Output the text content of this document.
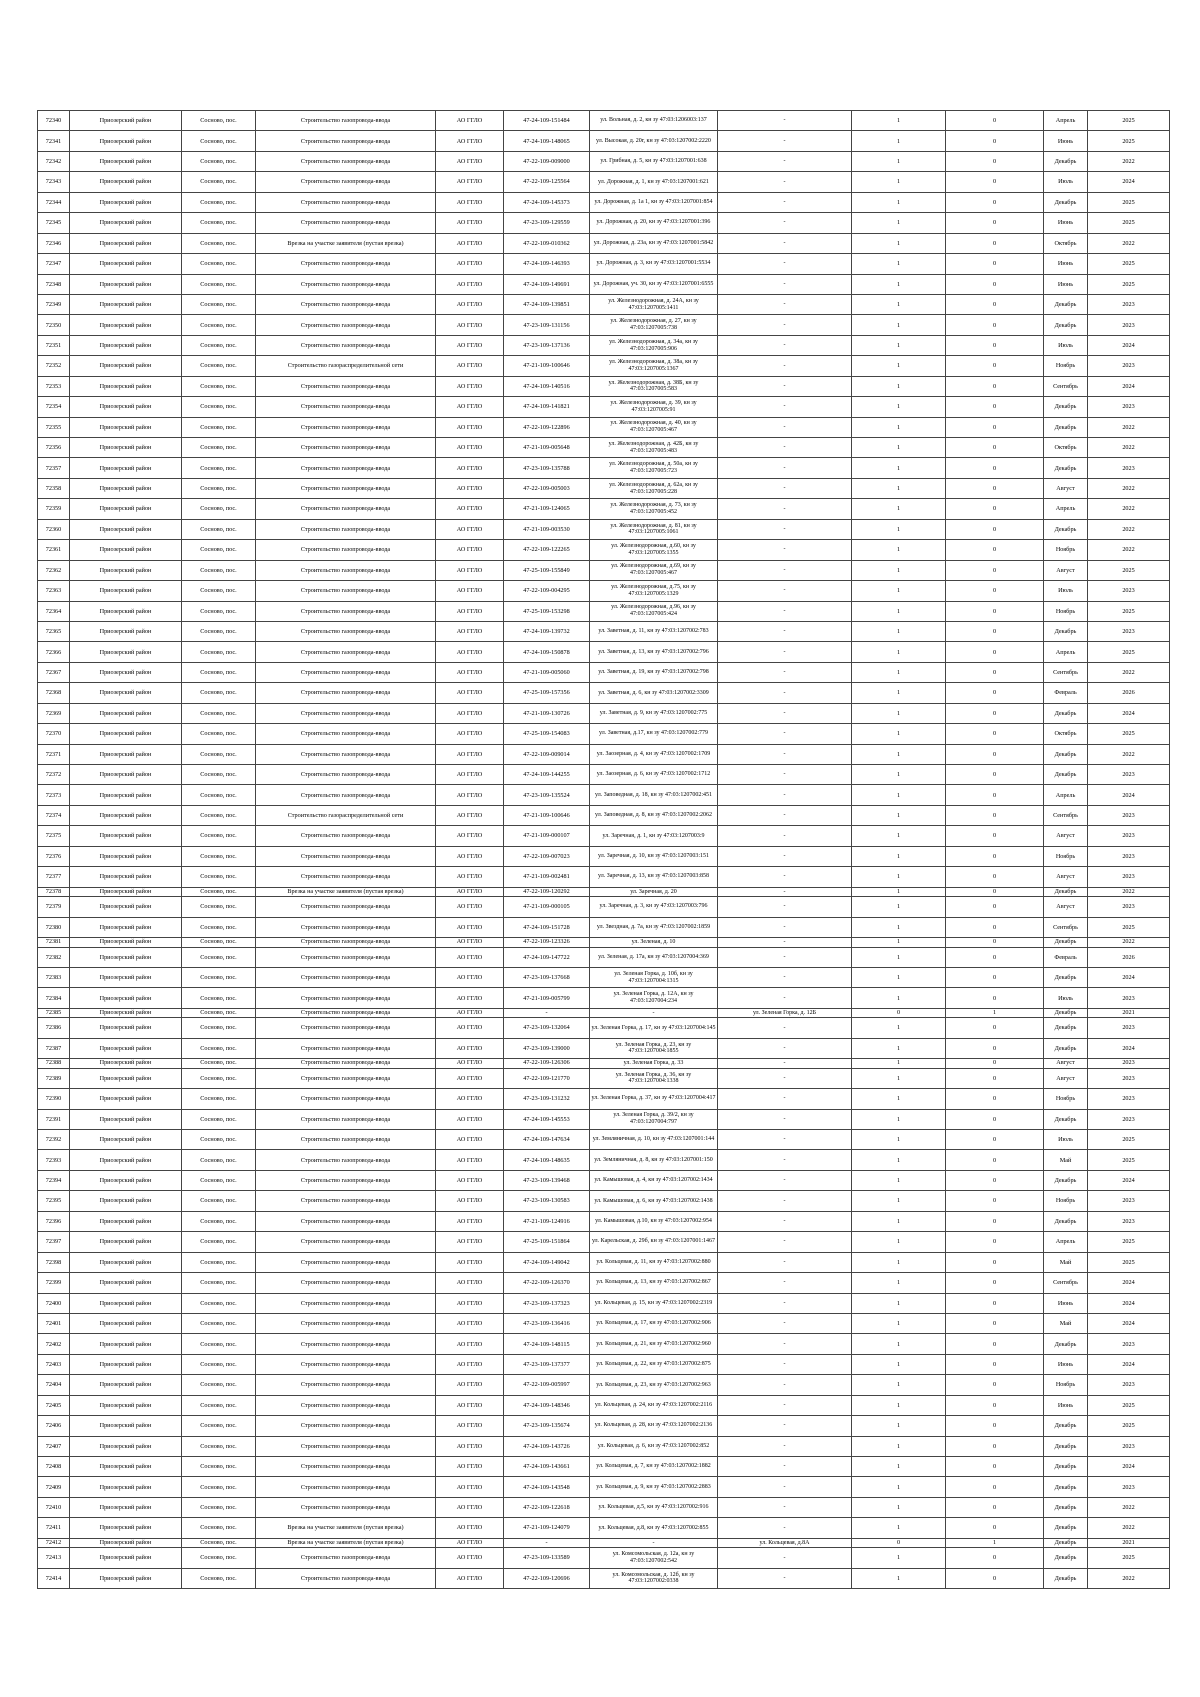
72340	Приозерский район	Сосново, пос.	Строительство газопровода-ввода	АО ГГЛО	47-24-109-151484	ул. Вольная, д. 2, кн зу 47:03:1206003:137	-	1	0	Апрель	2025
72341	Приозерский район	Сосново, пос.	Строительство газопровода-ввода	АО ГГЛО	47-24-109-148065	ул. Высокая, д. 20г, кн зу 47:03:1207002:2220	-	1	0	Июнь	2025
72342	Приозерский район	Сосново, пос.	Строительство газопровода-ввода	АО ГГЛО	47-22-109-009000	ул. Грибная, д. 5, кн зу 47:03:1207001:638	-	1	0	Декабрь	2022
72343	Приозерский район	Сосново, пос.	Строительство газопровода-ввода	АО ГГЛО	47-22-109-125564	ул. Дорожная, д. 1, кн зу 47:03:1207001:621	-	1	0	Июль	2024
72344	Приозерский район	Сосново, пос.	Строительство газопровода-ввода	АО ГГЛО	47-24-109-145373	ул. Дорожная, д. 1а 1, кн зу 47:03:1207001:854	-	1	0	Декабрь	2025
72345	Приозерский район	Сосново, пос.	Строительство газопровода-ввода	АО ГГЛО	47-23-109-129559	ул. Дорожная, д. 20, кн зу 47:03:1207001:396	-	1	0	Июнь	2025
72346	Приозерский район	Сосново, пос.	Врезка на участке заявителя (пустая врезка)	АО ГГЛО	47-22-109-010362	ул. Дорожная, д. 23а, кн зу 47:03:1207001:5842	-	1	0	Октябрь	2022
72347	Приозерский район	Сосново, пос.	Строительство газопровода-ввода	АО ГГЛО	47-24-109-146393	ул. Дорожная, д. 3, кн зу 47:03:1207001:5534	-	1	0	Июнь	2025
72348	Приозерский район	Сосново, пос.	Строительство газопровода-ввода	АО ГГЛО	47-24-109-149691	ул. Дорожная, уч. 30, кн зу 47:03:1207001:6555	-	1	0	Июнь	2025
72349	Приозерский район	Сосново, пос.	Строительство газопровода-ввода	АО ГГЛО	47-24-109-139851	ул. Железнодорожная, д. 24А, кн зу 47:03:1207005:1411	-	1	0	Декабрь	2023
72350	Приозерский район	Сосново, пос.	Строительство газопровода-ввода	АО ГГЛО	47-23-109-131156	ул. Железнодорожная, д. 27, кн зу 47:03:1207005:738	-	1	0	Декабрь	2023
72351	Приозерский район	Сосново, пос.	Строительство газопровода-ввода	АО ГГЛО	47-23-109-137136	ул. Железнодорожная, д. 34а, кн зу 47:03:1207005:906	-	1	0	Июль	2024
72352	Приозерский район	Сосново, пос.	Строительство газораспределительной сети	АО ГГЛО	47-21-109-100646	ул. Железнодорожная, д. 38а, кн зу 47:03:1207005:1367	-	1	0	Ноябрь	2023
72353	Приозерский район	Сосново, пос.	Строительство газопровода-ввода	АО ГГЛО	47-24-109-140516	ул. Железнодорожная, д. 38Б, кн зу 47:03:1207005:583	-	1	0	Сентябрь	2024
72354	Приозерский район	Сосново, пос.	Строительство газопровода-ввода	АО ГГЛО	47-24-109-141821	ул. Железнодорожная, д. 39, кн зу 47:03:1207005:91	-	1	0	Декабрь	2023
72355	Приозерский район	Сосново, пос.	Строительство газопровода-ввода	АО ГГЛО	47-22-109-122896	ул. Железнодорожная, д. 40, кн зу 47:03:1207005:467	-	1	0	Декабрь	2022
72356	Приозерский район	Сосново, пос.	Строительство газопровода-ввода	АО ГГЛО	47-21-109-005648	ул. Железнодорожная, д. 42Б, кн зу 47:03:1207005:483	-	1	0	Октябрь	2022
72357	Приозерский район	Сосново, пос.	Строительство газопровода-ввода	АО ГГЛО	47-23-109-135788	ул. Железнодорожная, д. 50а, кн зу 47:03:1207005:723	-	1	0	Декабрь	2023
72358	Приозерский район	Сосново, пос.	Строительство газопровода-ввода	АО ГГЛО	47-22-109-005003	ул. Железнодорожная, д. 62а, кн зу 47:03:1207005:228	-	1	0	Август	2022
72359	Приозерский район	Сосново, пос.	Строительство газопровода-ввода	АО ГГЛО	47-21-109-124065	ул. Железнодорожная, д. 73, кн зу 47:03:1207005:452	-	1	0	Апрель	2022
72360	Приозерский район	Сосново, пос.	Строительство газопровода-ввода	АО ГГЛО	47-21-109-003530	ул. Железнодорожная, д. 81, кн зу 47:03:1207005:1061	-	1	0	Декабрь	2022
72361	Приозерский район	Сосново, пос.	Строительство газопровода-ввода	АО ГГЛО	47-22-109-122265	ул. Железнодорожная, д.60, кн зу 47:03:1207005:1355	-	1	0	Ноябрь	2022
72362	Приозерский район	Сосново, пос.	Строительство газопровода-ввода	АО ГГЛО	47-25-109-155849	ул. Железнодорожная, д.69, кн зу 47:03:1207005:467	-	1	0	Август	2025
72363	Приозерский район	Сосново, пос.	Строительство газопровода-ввода	АО ГГЛО	47-22-109-004295	ул. Железнодорожная, д.75, кн зу 47:03:1207005:1329	-	1	0	Июль	2023
72364	Приозерский район	Сосново, пос.	Строительство газопровода-ввода	АО ГГЛО	47-25-109-153298	ул. Железнодорожная, д.96, кн зу 47:03:1207005:424	-	1	0	Ноябрь	2025
72365	Приозерский район	Сосново, пос.	Строительство газопровода-ввода	АО ГГЛО	47-24-109-139732	ул. Заветная, д. 11, кн зу 47:03:1207002:783	-	1	0	Декабрь	2023
72366	Приозерский район	Сосново, пос.	Строительство газопровода-ввода	АО ГГЛО	47-24-109-150878	ул. Заветная, д. 13, кн зу 47:03:1207002:796	-	1	0	Апрель	2025
72367	Приозерский район	Сосново, пос.	Строительство газопровода-ввода	АО ГГЛО	47-21-109-005060	ул. Заветная, д. 19, кн зу 47:03:1207002:798	-	1	0	Сентябрь	2022
72368	Приозерский район	Сосново, пос.	Строительство газопровода-ввода	АО ГГЛО	47-25-109-157356	ул. Заветная, д. 6, кн зу 47:03:1207002:3309	-	1	0	Февраль	2026
72369	Приозерский район	Сосново, пос.	Строительство газопровода-ввода	АО ГГЛО	47-21-109-130726	ул. Заветная, д. 9, кн зу 47:03:1207002:775	-	1	0	Декабрь	2024
72370	Приозерский район	Сосново, пос.	Строительство газопровода-ввода	АО ГГЛО	47-25-109-154083	ул. Заветная, д.17, кн зу 47:03:1207002:779	-	1	0	Октябрь	2025
72371	Приозерский район	Сосново, пос.	Строительство газопровода-ввода	АО ГГЛО	47-22-109-009014	ул. Заозерная, д. 4, кн зу 47:03:1207002:1709	-	1	0	Декабрь	2022
72372	Приозерский район	Сосново, пос.	Строительство газопровода-ввода	АО ГГЛО	47-24-109-144255	ул. Заозерная, д. 6, кн зу 47:03:1207002:1712	-	1	0	Декабрь	2023
72373	Приозерский район	Сосново, пос.	Строительство газопровода-ввода	АО ГГЛО	47-23-109-135524	ул. Заповедная, д. 18, кн зу 47:03:1207002:451	-	1	0	Апрель	2024
72374	Приозерский район	Сосново, пос.	Строительство газораспределительной сети	АО ГГЛО	47-21-109-100646	ул. Заповедная, д. 8, кн зу 47:03:1207002:2062	-	1	0	Сентябрь	2023
72375	Приозерский район	Сосново, пос.	Строительство газопровода-ввода	АО ГГЛО	47-21-109-000107	ул. Заречная, д. 1, кн зу 47:03:1207003:9	-	1	0	Август	2023
72376	Приозерский район	Сосново, пос.	Строительство газопровода-ввода	АО ГГЛО	47-22-109-007023	ул. Заречная, д. 10, кн зу 47:03:1207003:151	-	1	0	Ноябрь	2023
72377	Приозерский район	Сосново, пос.	Строительство газопровода-ввода	АО ГГЛО	47-21-109-002481	ул. Заречная, д. 13, кн зу 47:03:1207003:858	-	1	0	Август	2023
72378	Приозерский район	Сосново, пос.	Врезка на участке заявителя (пустая врезка)	АО ГГЛО	47-22-109-120292	ул. Заречная, д. 20	-	1	0	Декабрь	2022
72379	Приозерский район	Сосново, пос.	Строительство газопровода-ввода	АО ГГЛО	47-21-109-000105	ул. Заречная, д. 3, кн зу 47:03:1207003:796	-	1	0	Август	2023
72380	Приозерский район	Сосново, пос.	Строительство газопровода-ввода	АО ГГЛО	47-24-109-151728	ул. Звездная, д. 7а, кн зу 47:03:1207002:1859	-	1	0	Сентябрь	2025
72381	Приозерский район	Сосново, пос.	Строительство газопровода-ввода	АО ГГЛО	47-22-109-123326	ул. Зеленая, д. 10	-	1	0	Декабрь	2022
72382	Приозерский район	Сосново, пос.	Строительство газопровода-ввода	АО ГГЛО	47-24-109-147722	ул. Зеленая, д. 17а, кн зу 47:03:1207004:369	-	1	0	Февраль	2026
72383	Приозерский район	Сосново, пос.	Строительство газопровода-ввода	АО ГГЛО	47-23-109-137668	ул. Зеленая Горка, д. 10б, кн зу 47:03:1207004:1315	-	1	0	Декабрь	2024
72384	Приозерский район	Сосново, пос.	Строительство газопровода-ввода	АО ГГЛО	47-21-109-005799	ул. Зеленая Горка, д. 12А, кн зу 47:03:1207004:234	-	1	0	Июль	2023
72385	Приозерский район	Сосново, пос.	Строительство газопровода-ввода	АО ГГЛО	-	-	ул. Зеленая Горка, д. 12Б	0	1	Декабрь	2021
72386	Приозерский район	Сосново, пос.	Строительство газопровода-ввода	АО ГГЛО	47-23-109-132064	ул. Зеленая Горка, д. 17, кн зу 47:03:1207004:145	-	1	0	Декабрь	2023
72387	Приозерский район	Сосново, пос.	Строительство газопровода-ввода	АО ГГЛО	47-23-109-139000	ул. Зеленая Горка, д. 23, кн зу 47:03:1207004:1855	-	1	0	Декабрь	2024
72388	Приозерский район	Сосново, пос.	Строительство газопровода-ввода	АО ГГЛО	47-22-109-126306	ул. Зеленая Горка, д. 33	-	1	0	Август	2023
72389	Приозерский район	Сосново, пос.	Строительство газопровода-ввода	АО ГГЛО	47-22-109-121770	ул. Зеленая Горка, д. 36, кн зу 47:03:1207004:1338	-	1	0	Август	2023
72390	Приозерский район	Сосново, пос.	Строительство газопровода-ввода	АО ГГЛО	47-23-109-131232	ул. Зеленая Горка, д. 37, кн зу 47:03:1207004:417	-	1	0	Ноябрь	2023
72391	Приозерский район	Сосново, пос.	Строительство газопровода-ввода	АО ГГЛО	47-24-109-145553	ул. Зеленая Горка, д. 39/2, кн зу 47:03:1207004:797	-	1	0	Декабрь	2023
72392	Приозерский район	Сосново, пос.	Строительство газопровода-ввода	АО ГГЛО	47-24-109-147634	ул. Земляничная, д. 10, кн зу 47:03:1207001:144	-	1	0	Июль	2025
72393	Приозерский район	Сосново, пос.	Строительство газопровода-ввода	АО ГГЛО	47-24-109-148635	ул. Земляничная, д. 8, кн зу 47:03:1207001:150	-	1	0	Май	2025
72394	Приозерский район	Сосново, пос.	Строительство газопровода-ввода	АО ГГЛО	47-23-109-139468	ул. Камышовая, д. 4, кн зу 47:03:1207002:1434	-	1	0	Декабрь	2024
72395	Приозерский район	Сосново, пос.	Строительство газопровода-ввода	АО ГГЛО	47-23-109-130583	ул. Камышовая, д. 6, кн зу 47:03:1207002:1438	-	1	0	Ноябрь	2023
72396	Приозерский район	Сосново, пос.	Строительство газопровода-ввода	АО ГГЛО	47-21-109-124916	ул. Камышовая, д.10, кн зу 47:03:1207002:954	-	1	0	Декабрь	2023
72397	Приозерский район	Сосново, пос.	Строительство газопровода-ввода	АО ГГЛО	47-25-109-151864	ул. Карельская, д. 29б, кн зу 47:03:1207001:1467	-	1	0	Апрель	2025
72398	Приозерский район	Сосново, пос.	Строительство газопровода-ввода	АО ГГЛО	47-24-109-149042	ул. Кольцевая, д. 11, кн зу 47:03:1207002:880	-	1	0	Май	2025
72399	Приозерский район	Сосново, пос.	Строительство газопровода-ввода	АО ГГЛО	47-22-109-126370	ул. Кольцевая, д. 13, кн зу 47:03:1207002:867	-	1	0	Сентябрь	2024
72400	Приозерский район	Сосново, пос.	Строительство газопровода-ввода	АО ГГЛО	47-23-109-137323	ул. Кольцевая, д. 15, кн зу 47:03:1207002:2319	-	1	0	Июнь	2024
72401	Приозерский район	Сосново, пос.	Строительство газопровода-ввода	АО ГГЛО	47-23-109-136416	ул. Кольцевая, д. 17, кн зу 47:03:1207002:906	-	1	0	Май	2024
72402	Приозерский район	Сосново, пос.	Строительство газопровода-ввода	АО ГГЛО	47-24-109-148115	ул. Кольцевая, д. 21, кн зу 47:03:1207002:960	-	1	0	Декабрь	2023
72403	Приозерский район	Сосново, пос.	Строительство газопровода-ввода	АО ГГЛО	47-23-109-137377	ул. Кольцевая, д. 22, кн зу 47:03:1207002:875	-	1	0	Июнь	2024
72404	Приозерский район	Сосново, пос.	Строительство газопровода-ввода	АО ГГЛО	47-22-109-005997	ул. Кольцевая, д. 23, кн зу 47:03:1207002:963	-	1	0	Ноябрь	2023
72405	Приозерский район	Сосново, пос.	Строительство газопровода-ввода	АО ГГЛО	47-24-109-148346	ул. Кольцевая, д. 24, кн зу 47:03:1207002:2116	-	1	0	Июнь	2025
72406	Приозерский район	Сосново, пос.	Строительство газопровода-ввода	АО ГГЛО	47-23-109-135674	ул. Кольцевая, д. 28, кн зу 47:03:1207002:2136	-	1	0	Декабрь	2025
72407	Приозерский район	Сосново, пос.	Строительство газопровода-ввода	АО ГГЛО	47-24-109-143726	ул. Кольцевая, д. 6, кн зу 47:03:1207002:852	-	1	0	Декабрь	2023
72408	Приозерский район	Сосново, пос.	Строительство газопровода-ввода	АО ГГЛО	47-24-109-143661	ул. Кольцевая, д. 7, кн зу 47:03:1207002:1882	-	1	0	Декабрь	2024
72409	Приозерский район	Сосново, пос.	Строительство газопровода-ввода	АО ГГЛО	47-24-109-143548	ул. Кольцевая, д. 9, кн зу 47:03:1207002:2883	-	1	0	Декабрь	2023
72410	Приозерский район	Сосново, пос.	Строительство газопровода-ввода	АО ГГЛО	47-22-109-122618	ул. Кольцевая, д.5, кн зу 47:03:1207002:916	-	1	0	Декабрь	2022
72411	Приозерский район	Сосново, пос.	Врезка на участке заявителя (пустая врезка)	АО ГГЛО	47-21-109-124079	ул. Кольцевая, д.8, кн зу 47:03:1207002:855	-	1	0	Декабрь	2022
72412	Приозерский район	Сосново, пос.	Врезка на участке заявителя (пустая врезка)	АО ГГЛО	-	-	ул. Кольцевая, д.8А	0	1	Декабрь	2021
72413	Приозерский район	Сосново, пос.	Строительство газопровода-ввода	АО ГГЛО	47-23-109-133589	ул. Комсомольская, д. 12а, кн зу 47:03:1207002:542	-	1	0	Декабрь	2025
72414	Приозерский район	Сосново, пос.	Строительство газопровода-ввода	АО ГГЛО	47-22-109-120696	ул. Комсомольская, д. 12б, кн зу 47:03:1207002:0338	-	1	0	Декабрь	2022
